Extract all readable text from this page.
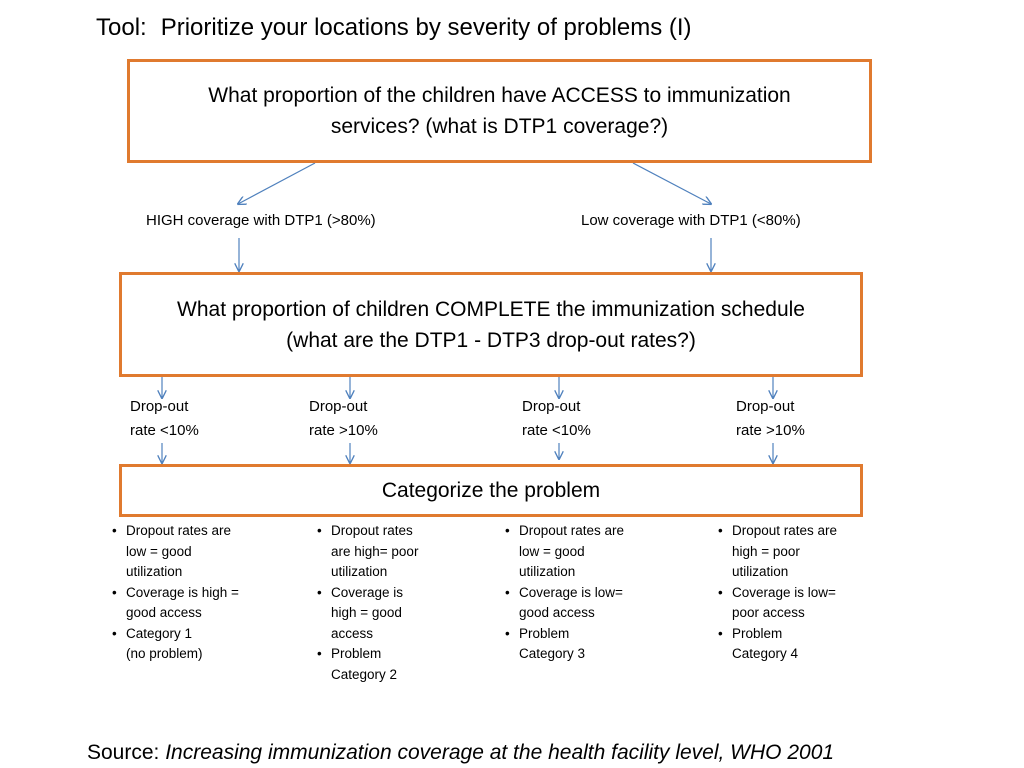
Tool: Prioritize your locations by severity of problems (I)
What proportion of the children have ACCESS to immunization
services? (what is DTP1 coverage?)
HIGH coverage with DTP1 (>80%)	Low coverage with DTP1 (<80%)
What proportion of children COMPLETE the immunization schedule
(what are the DTP1 - DTP3 drop-out rates?)
Drop-out
rate <10%
Drop-out
rate >10%
Drop-out
rate <10%
Drop-out
rate >10%
Categorize the problem
• Dropout rates are
low = good
utilization
• Coverage is high =
good access
• Category 1
(no problem)
• Dropout rates
are high= poor
utilization
• Coverage is
high = good
access
• Problem
Category 2
• Dropout rates are
low = good
utilization
• Coverage is low=
good access
• Problem
Category 3
• Dropout rates are
high = poor
utilization
• Coverage is low=
poor access
• Problem
Category 4
Source: Increasing immunization coverage at the health facility level, WHO 2001
